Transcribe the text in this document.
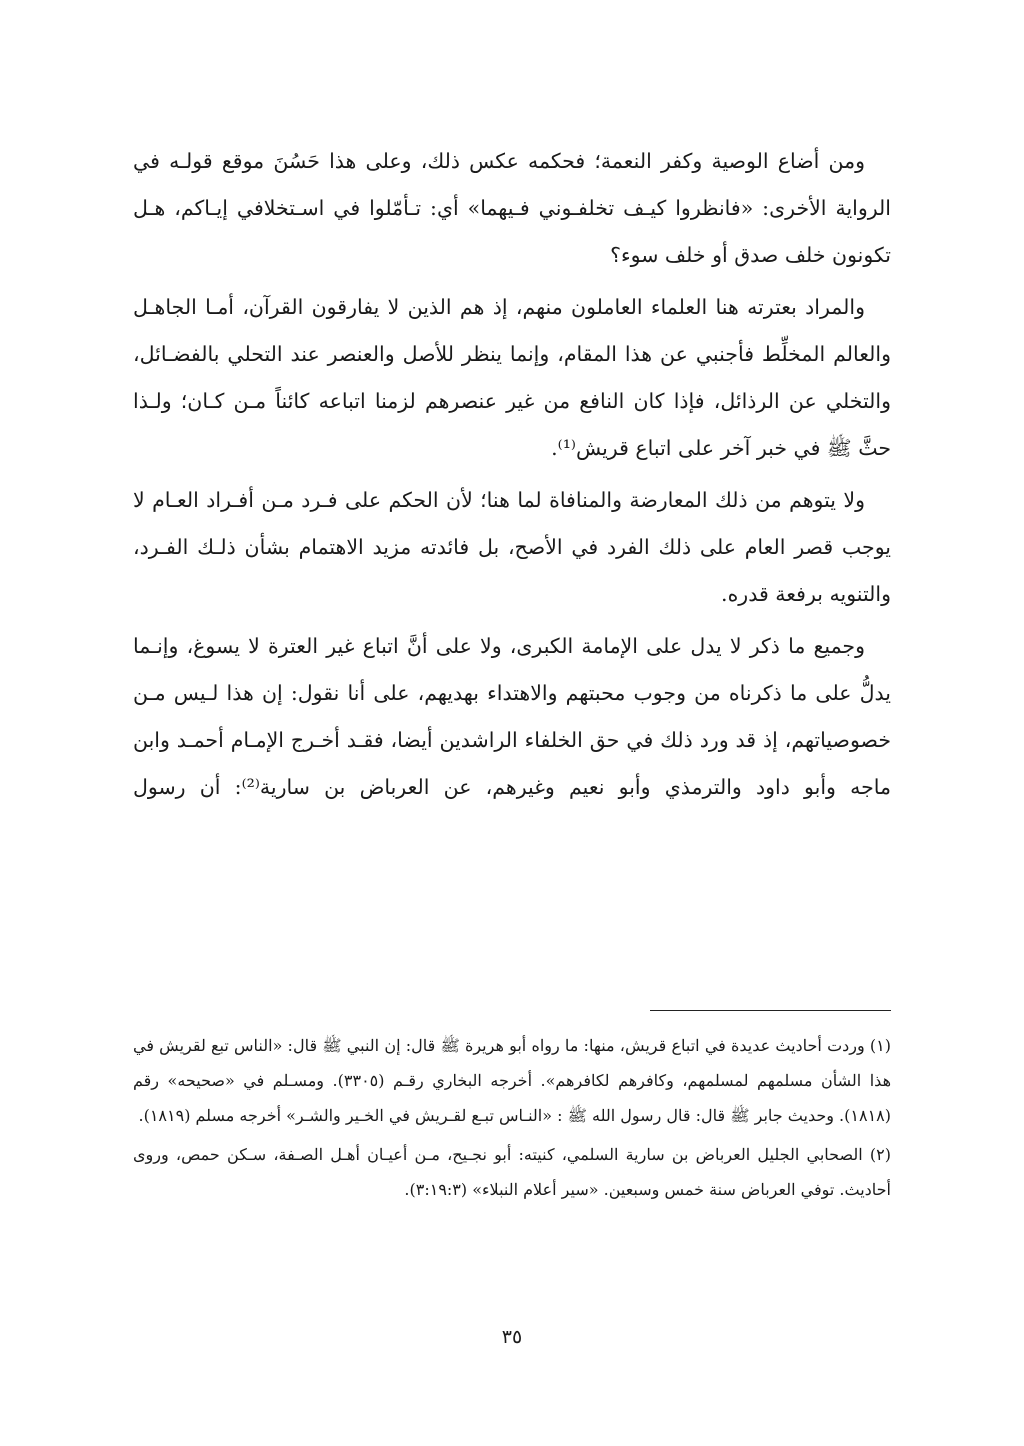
ومن أضاع الوصية وكفر النعمة؛ فحكمه عكس ذلك، وعلى هذا حَسُنَ موقع قولـه في الرواية الأخرى: «فانظروا كيـف تخلفـوني فـيهما» أي: تـأمّلوا في اسـتخلافي إيـاكم، هـل تكونون خلف صدق أو خلف سوء؟

والمراد بعترته هنا العلماء العاملون منهم، إذ هم الذين لا يفارقون القرآن، أمـا الجاهـل والعالم المخلِّط فأجنبي عن هذا المقام، وإنما ينظر للأصل والعنصر عند التحلي بالفضـائل، والتخلي عن الرذائل، فإذا كان النافع من غير عنصرهم لزمنا اتباعه كائناً مـن كـان؛ ولـذا حثَّ ﷺ في خبر آخر على اتباع قريش⁽¹⁾.

ولا يتوهم من ذلك المعارضة والمنافاة لما هنا؛ لأن الحكم على فـرد مـن أفـراد العـام لا يوجب قصر العام على ذلك الفرد في الأصح، بل فائدته مزيد الاهتمام بشأن ذلـك الفـرد، والتنويه برفعة قدره.

وجميع ما ذكر لا يدل على الإمامة الكبرى، ولا على أنَّ اتباع غير العترة لا يسوغ، وإنـما يدلُّ على ما ذكرناه من وجوب محبتهم والاهتداء بهديهم، على أنا نقول: إن هذا لـيس مـن خصوصياتهم، إذ قد ورد ذلك في حق الخلفاء الراشدين أيضا، فقـد أخـرج الإمـام أحمـد وابن ماجه وأبو داود والترمذي وأبو نعيم وغيرهم، عن العرباض بن سارية⁽²⁾: أن رسول

(١) وردت أحاديث عديدة في اتباع قريش، منها: ما رواه أبو هريرة ﷺ قال: إن النبي ﷺ قال: «الناس تبع لقريش في هذا الشأن مسلمهم لمسلمهم، وكافرهم لكافرهم». أخرجه البخاري رقـم (٣٣٠٥). ومسـلم في «صحيحه» رقم (١٨١٨). وحديث جابر ﷺ قال: قال رسول الله ﷺ : «النـاس تبـع لقـريش في الخـير والشـر» أخرجه مسلم (١٨١٩).

(٢) الصحابي الجليل العرباض بن سارية السلمي، كنيته: أبو نجـيح، مـن أعيـان أهـل الصـفة، سـكن حمص، وروى أحاديث. توفي العرباض سنة خمس وسبعين. «سير أعلام النبلاء» (٣:١٩:٣).

٣٥
